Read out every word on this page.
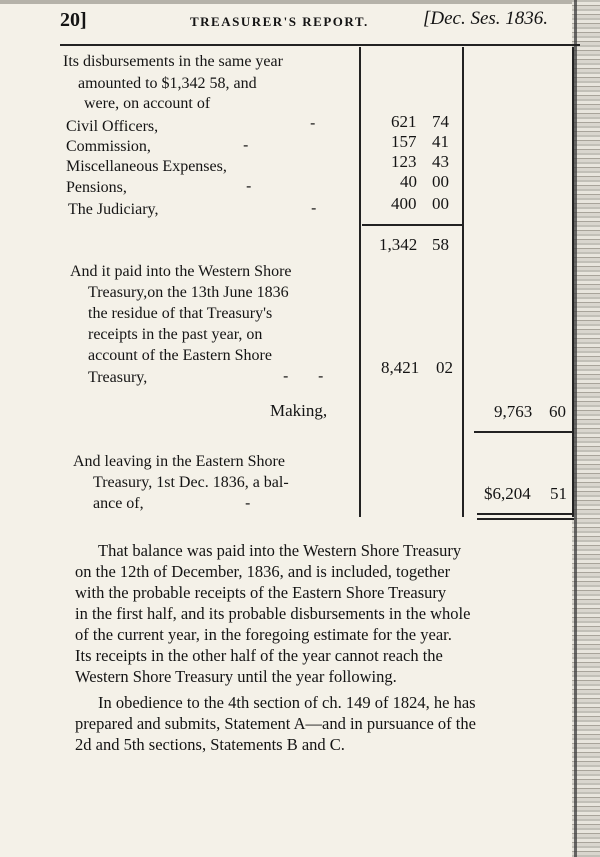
20]	TREASURER'S REPORT.	[Dec. Ses. 1836.
Its disbursements in the same year
amounted to $1,342 58, and
were, on account of
Civil Officers,	-	621 74
Commission,	-	157 41
Miscellaneous Expenses,	123 43
Pensions,	-	40 00
The Judiciary,	-	400 00
1,342 58
And it paid into the Western Shore
Treasury,on the 13th June 1836
the residue of that Treasury's
receipts in the past year, on
account of the Eastern Shore
Treasury,	- -	8,421 02
Making,	9,763 60
And leaving in the Eastern Shore
Treasury, 1st Dec. 1836, a bal-
ance of,	-	$6,204 51
That balance was paid into the Western Shore Treasury
on the 12th of December, 1836, and is included, together
with the probable receipts of the Eastern Shore Treasury
in the first half, and its probable disbursements in the whole
of the current year, in the foregoing estimate for the year.
Its receipts in the other half of the year cannot reach the
Western Shore Treasury until the year following.
In obedience to the 4th section of ch. 149 of 1824, he has
prepared and submits, Statement A—and in pursuance of the
2d and 5th sections, Statements B and C.
